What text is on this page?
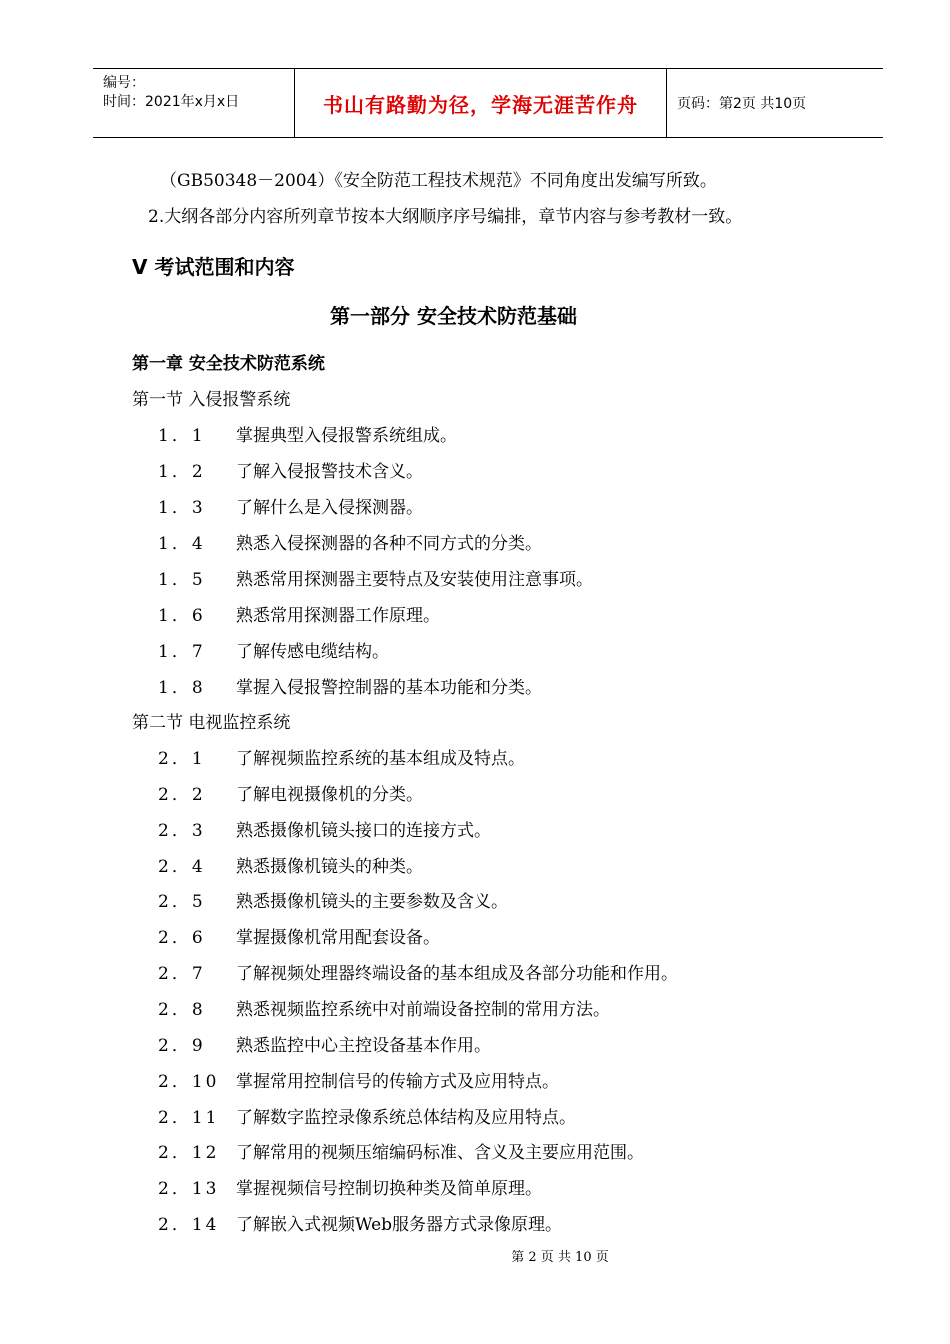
编号：
时间：2021年x月x日	书山有路勤为径，学海无涯苦作舟	页码：第2页 共10页
（GB50348－2004）《安全防范工程技术规范》不同角度出发编写所致。
2.大纲各部分内容所列章节按本大纲顺序序号编排，章节内容与参考教材一致。
Ⅴ 考试范围和内容
第一部分 安全技术防范基础
第一章 安全技术防范系统
第一节 入侵报警系统
1．1 掌握典型入侵报警系统组成。
1．2 了解入侵报警技术含义。
1．3 了解什么是入侵探测器。
1．4 熟悉入侵探测器的各种不同方式的分类。
1．5 熟悉常用探测器主要特点及安装使用注意事项。
1．6 熟悉常用探测器工作原理。
1．7 了解传感电缆结构。
1．8 掌握入侵报警控制器的基本功能和分类。
第二节 电视监控系统
2．1 了解视频监控系统的基本组成及特点。
2．2 了解电视摄像机的分类。
2．3 熟悉摄像机镜头接口的连接方式。
2．4 熟悉摄像机镜头的种类。
2．5 熟悉摄像机镜头的主要参数及含义。
2．6 掌握摄像机常用配套设备。
2．7 了解视频处理器终端设备的基本组成及各部分功能和作用。
2．8 熟悉视频监控系统中对前端设备控制的常用方法。
2．9 熟悉监控中心主控设备基本作用。
2．10 掌握常用控制信号的传输方式及应用特点。
2．11 了解数字监控录像系统总体结构及应用特点。
2．12 了解常用的视频压缩编码标准、含义及主要应用范围。
2．13 掌握视频信号控制切换种类及简单原理。
2．14 了解嵌入式视频Web服务器方式录像原理。
第 2 页 共 10 页
